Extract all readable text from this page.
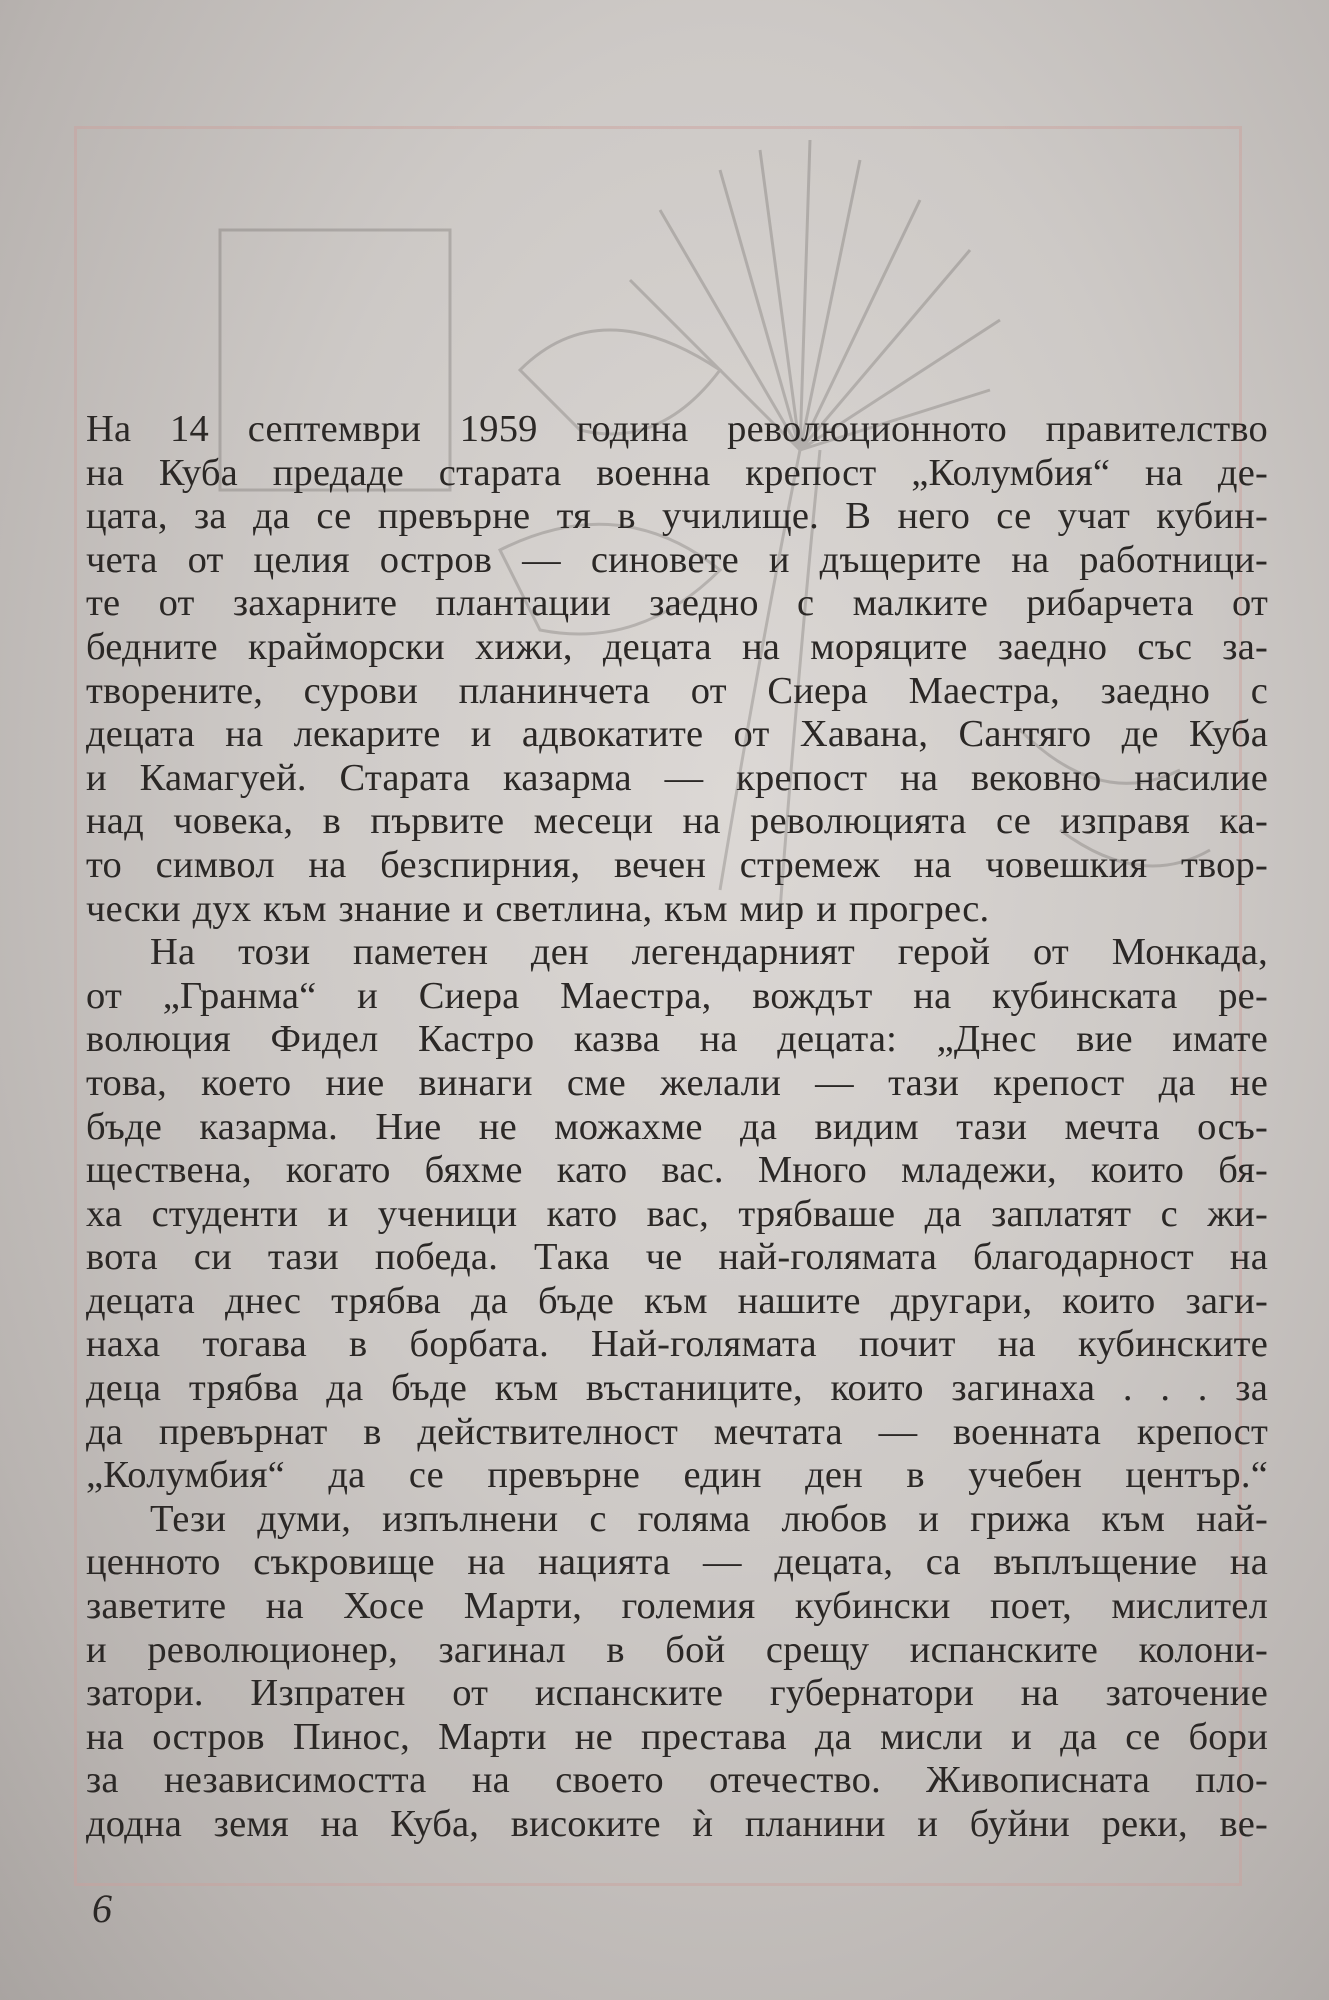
На 14 септември 1959 година революционното правителство
на Куба предаде старата военна крепост „Колумбия“ на де-
цата, за да се превърне тя в училище. В него се учат кубин-
чета от целия остров — синовете и дъщерите на работници-
те от захарните плантации заедно с малките рибарчета от
бедните крайморски хижи, децата на моряците заедно със за-
творените, сурови планинчета от Сиера Маестра, заедно с
децата на лекарите и адвокатите от Хавана, Сантяго де Куба
и Камагуей. Старата казарма — крепост на вековно насилие
над човека, в първите месеци на революцията се изправя ка-
то символ на безспирния, вечен стремеж на човешкия твор-
чески дух към знание и светлина, към мир и прогрес.
На този паметен ден легендарният герой от Монкада,
от „Гранма“ и Сиера Маестра, вождът на кубинската ре-
волюция Фидел Кастро казва на децата: „Днес вие имате
това, което ние винаги сме желали — тази крепост да не
бъде казарма. Ние не можахме да видим тази мечта осъ-
ществена, когато бяхме като вас. Много младежи, които бя-
ха студенти и ученици като вас, трябваше да заплатят с жи-
вота си тази победа. Така че най-голямата благодарност на
децата днес трябва да бъде към нашите другари, които заги-
наха тогава в борбата. Най-голямата почит на кубинските
деца трябва да бъде към въстаниците, които загинаха . . . за
да превърнат в действителност мечтата — военната крепост
„Колумбия“ да се превърне един ден в учебен център.“
Тези думи, изпълнени с голяма любов и грижа към най-
ценното съкровище на нацията — децата, са въплъщение на
заветите на Хосе Марти, големия кубински поет, мислител
и революционер, загинал в бой срещу испанските колони-
затори. Изпратен от испанските губернатори на заточение
на остров Пинос, Марти не престава да мисли и да се бори
за независимостта на своето отечество. Живописната пло-
додна земя на Куба, високите ѝ планини и буйни реки, ве-
6
